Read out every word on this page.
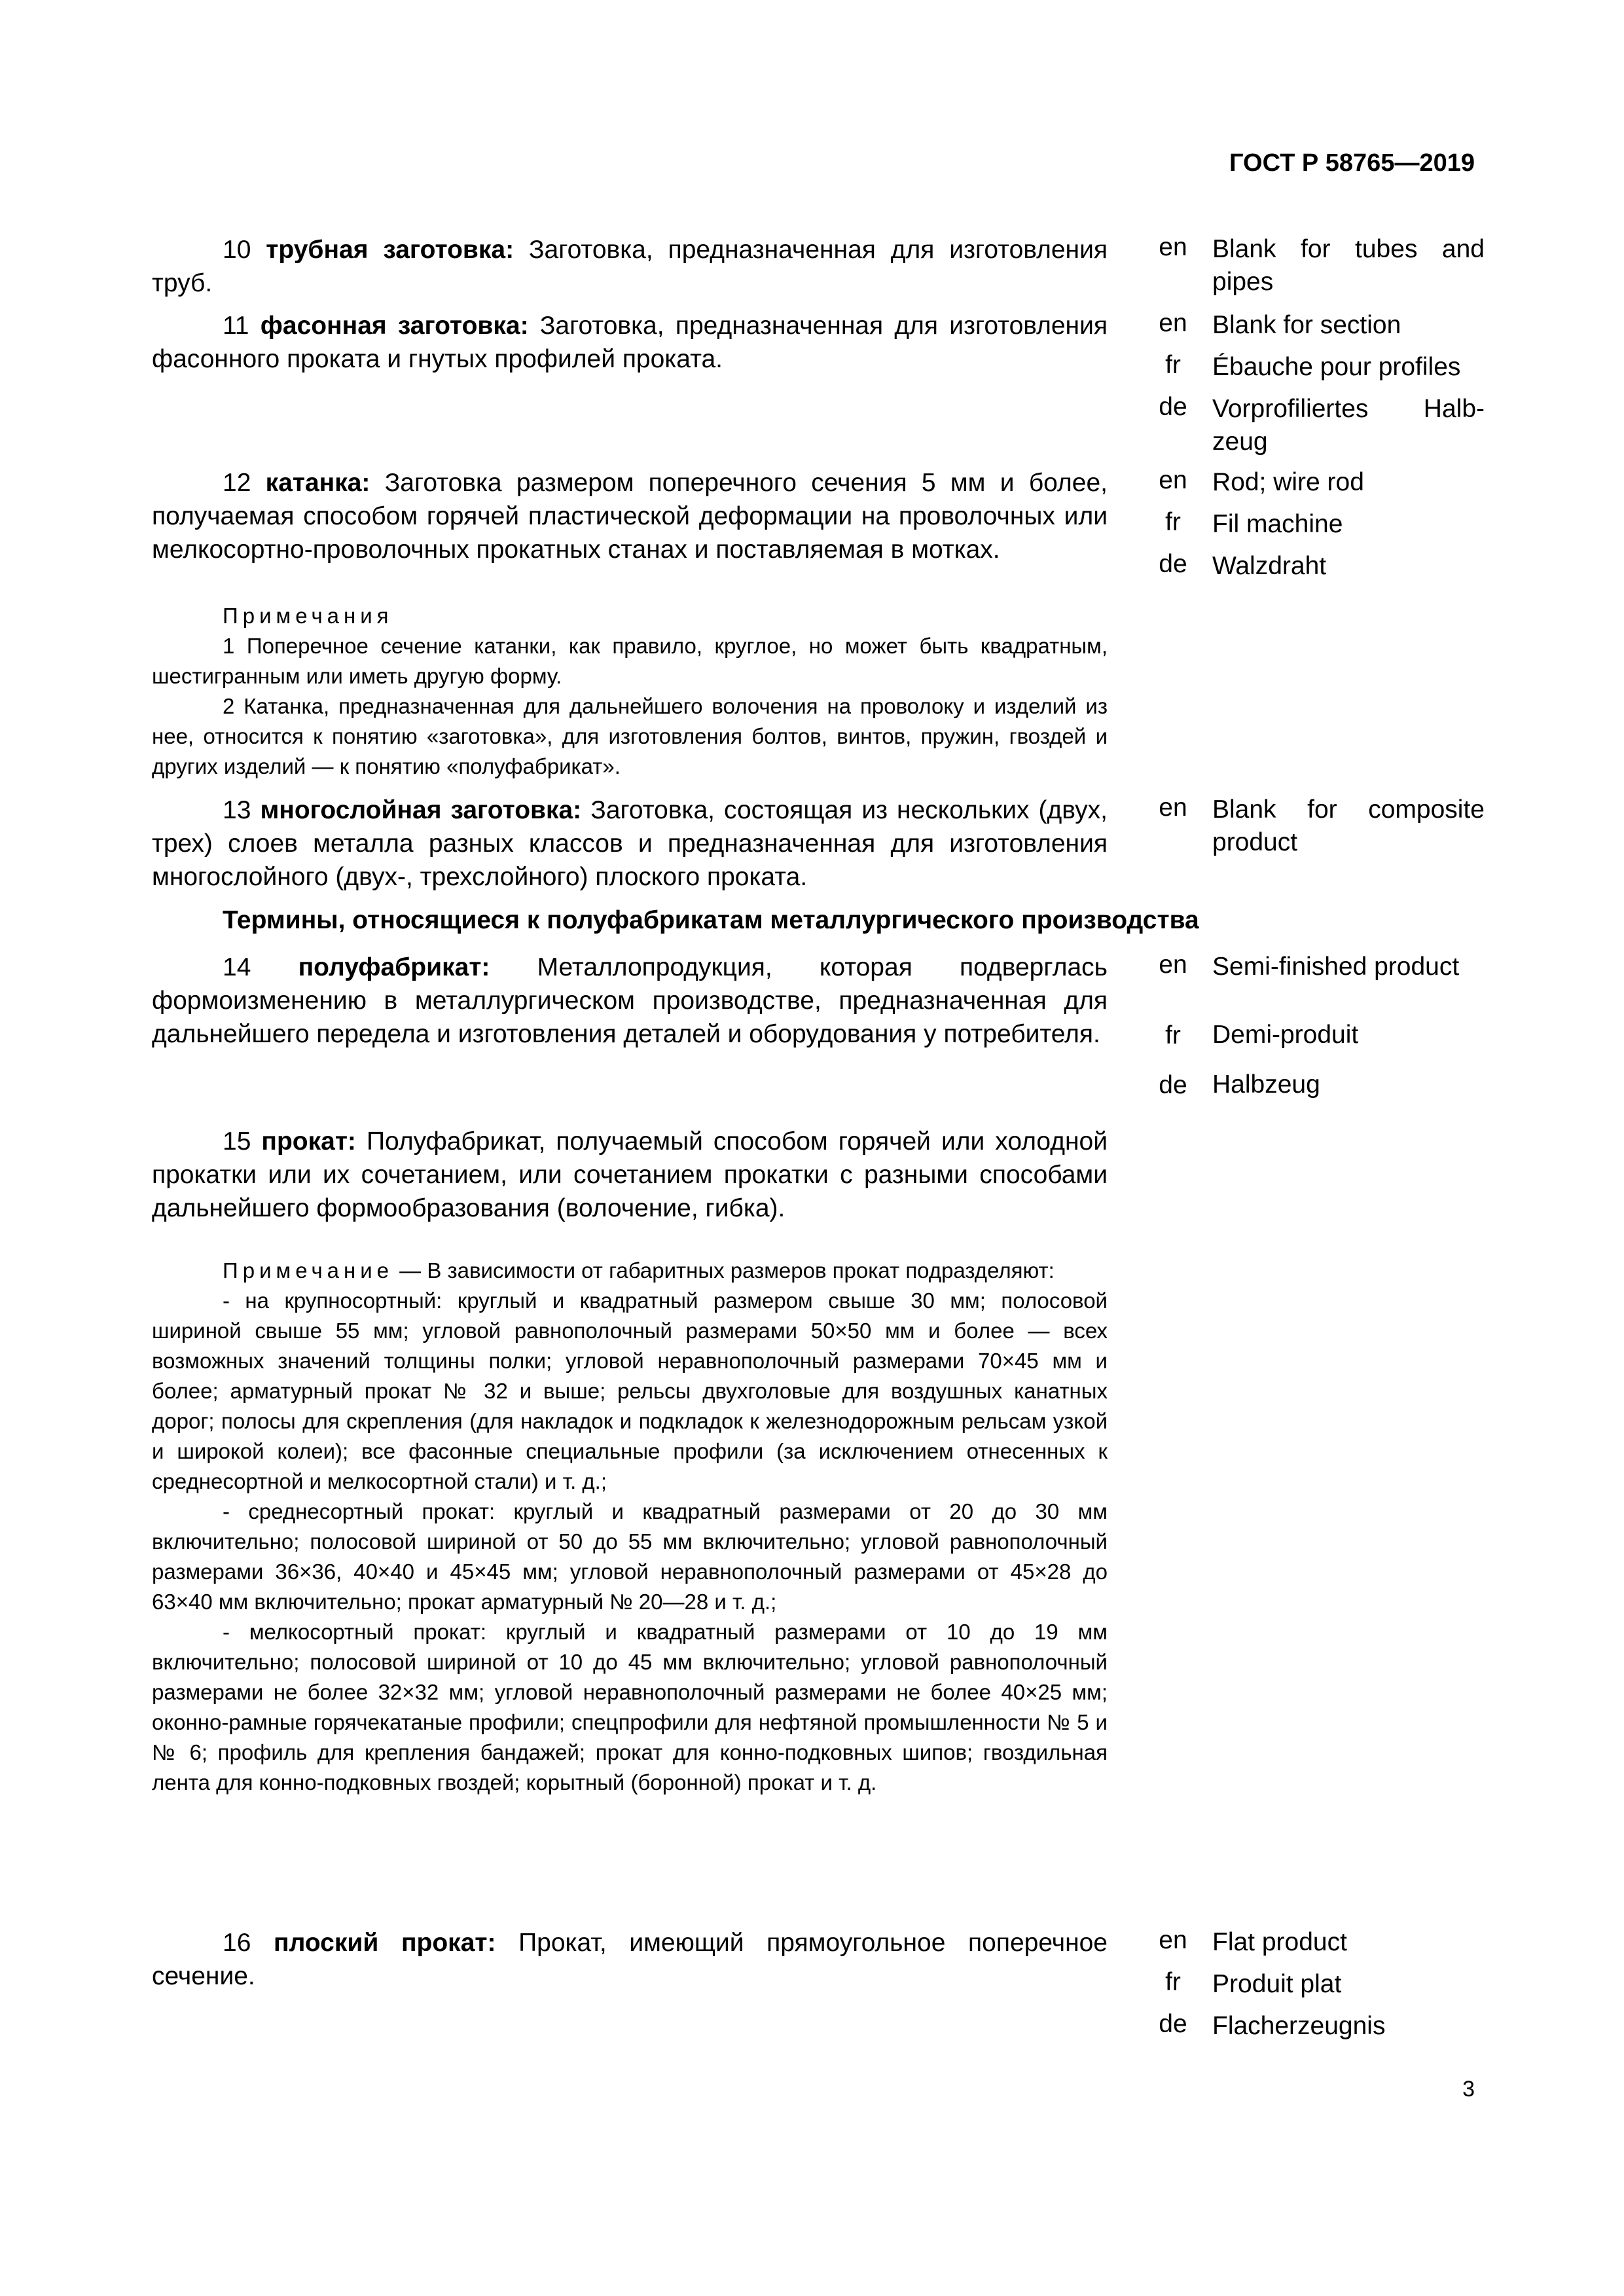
ГОСТ Р 58765—2019
10 трубная заготовка: Заготовка, предназначенная для изготовления труб.
en Blank for tubes and pipes
11 фасонная заготовка: Заготовка, предназначенная для изготовления фасонного проката и гнутых профилей проката.
en Blank for section
fr	Ébauche pour profiles
de Vorprofiliertes Halb-zeug
12 катанка: Заготовка размером поперечного сечения 5 мм и более, получаемая способом горячей пластической деформации на проволочных или мелкосортно-проволочных прокатных станах и поставляемая в мотках.
en Rod; wire rod
fr	Fil machine
de Walzdraht

Примечания

1 Поперечное сечение катанки, как правило, круглое, но может быть квадратным, шестигранным или иметь другую форму.

2 Катанка, предназначенная для дальнейшего волочения на проволоку и изделий из нее, относится к понятию «заготовка», для изготовления болтов, винтов, пружин, гвоздей и других изделий — к понятию «полуфабрикат».

13 многослойная заготовка: Заготовка, состоящая из нескольких (двух, трех) слоев металла разных классов и предназначенная для изготовления многослойного (двух-, трехслойного) плоского проката.
en Blank for composite product
Термины, относящиеся к полуфабрикатам металлургического производства
14 полуфабрикат: Металлопродукция, которая подверглась формоизменению в металлургическом производстве, предназначенная для дальнейшего передела и изготовления деталей и оборудования у потребителя.
en Semi-finished product
fr	Demi-produit
de Halbzeug
15 прокат: Полуфабрикат, получаемый способом горячей или холодной прокатки или их сочетанием, или сочетанием прокатки с разными способами дальнейшего формообразования (волочение, гибка).

Примечание — В зависимости от габаритных размеров прокат подразделяют:

- на крупносортный: круглый и квадратный размером свыше 30 мм; полосовой шириной свыше 55 мм; угловой равнополочный размерами 50×50 мм и более — всех возможных значений толщины полки; угловой неравнополочный размерами 70×45 мм и более; арматурный прокат № 32 и выше; рельсы двухголовые для воздушных канатных дорог; полосы для скрепления (для накладок и подкладок к железнодорожным рельсам узкой и широкой колеи); все фасонные специальные профили (за исключением отнесенных к среднесортной и мелкосортной стали) и т. д.;

- среднесортный прокат: круглый и квадратный размерами от 20 до 30 мм включительно; полосовой шириной от 50 до 55 мм включительно; угловой равнополочный размерами 36×36, 40×40 и 45×45 мм; угловой неравнополочный размерами от 45×28 до 63×40 мм включительно; прокат арматурный № 20—28 и т. д.;

- мелкосортный прокат: круглый и квадратный размерами от 10 до 19 мм включительно; полосовой шириной от 10 до 45 мм включительно; угловой равнополочный размерами не более 32×32 мм; угловой неравнополочный размерами не более 40×25 мм; оконно-рамные горячекатаные профили; спецпрофили для нефтяной промышленности № 5 и № 6; профиль для крепления бандажей; прокат для конно-подковных шипов; гвоздильная лента для конно-подковных гвоздей; корытный (боронной) прокат и т. д.

16 плоский прокат: Прокат, имеющий прямоугольное поперечное сечение.
en Flat product
fr	Produit plat
de Flacherzeugnis
3
